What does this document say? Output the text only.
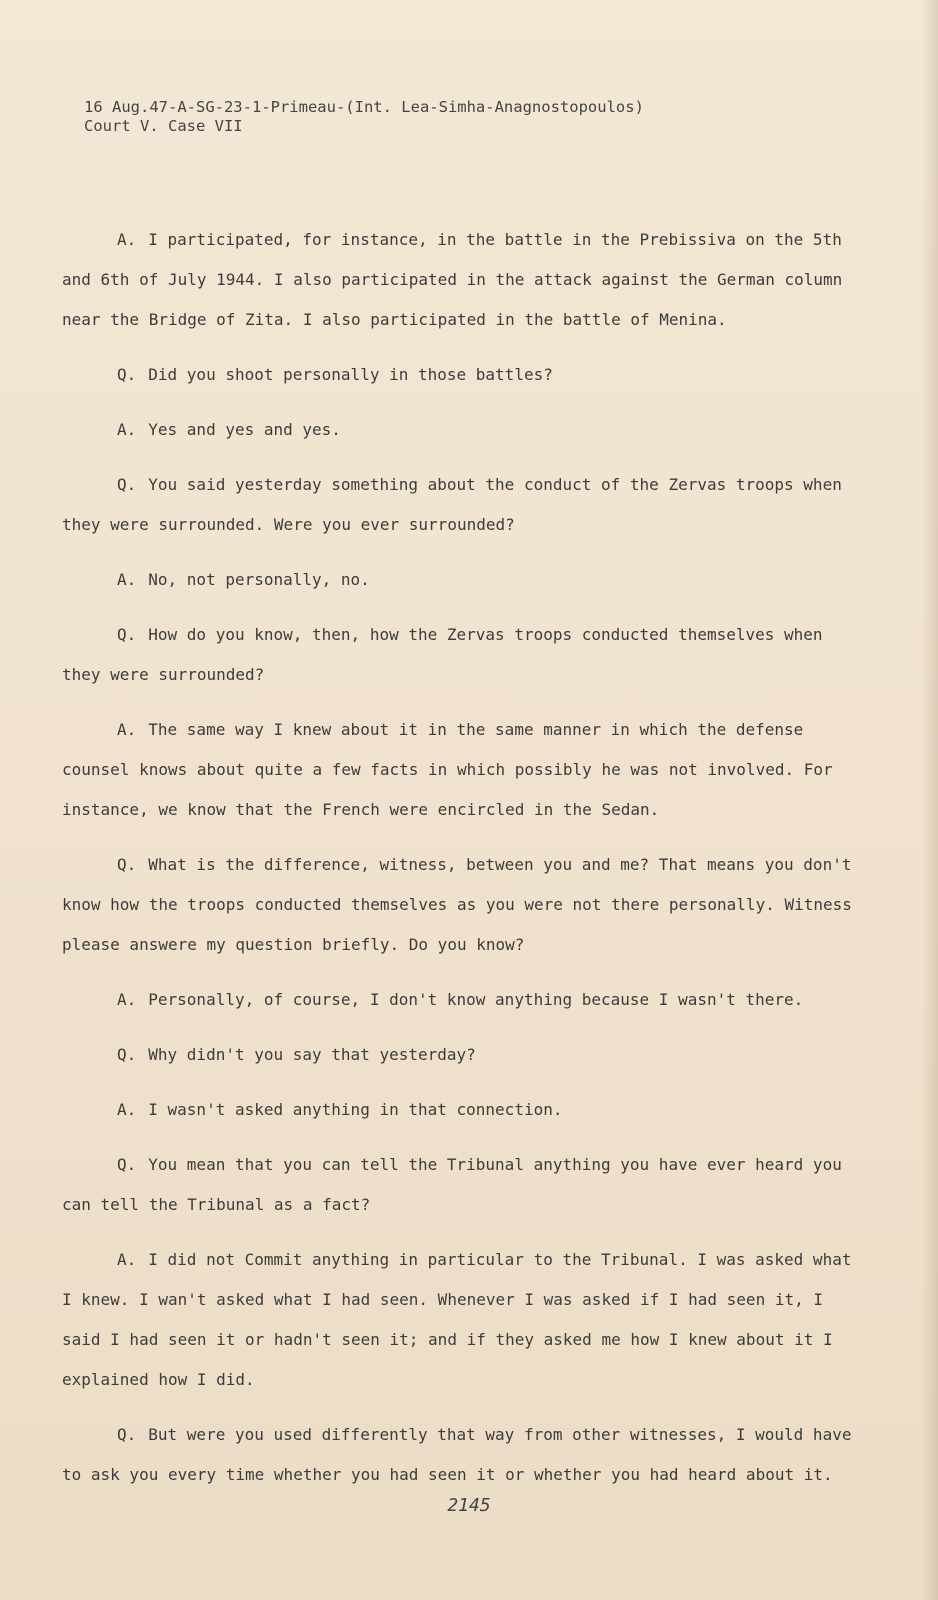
16 Aug.47-A-SG-23-1-Primeau-(Int. Lea-Simha-Anagnostopoulos)
Court V. Case VII

A. I participated, for instance, in the battle in the Prebissiva on the 5th and 6th of July 1944. I also participated in the attack against the German column near the Bridge of Zita. I also participated in the battle of Menina.

Q. Did you shoot personally in those battles?

A. Yes and yes and yes.

Q. You said yesterday something about the conduct of the Zervas troops when they were surrounded. Were you ever surrounded?

A. No, not personally, no.

Q. How do you know, then, how the Zervas troops conducted themselves when they were surrounded?

A. The same way I knew about it in the same manner in which the defense counsel knows about quite a few facts in which possibly he was not involved. For instance, we know that the French were encircled in the Sedan.

Q. What is the difference, witness, between you and me? That means you don't know how the troops conducted themselves as you were not there personally. Witness please answere my question briefly. Do you know?

A. Personally, of course, I don't know anything because I wasn't there.

Q. Why didn't you say that yesterday?

A. I wasn't asked anything in that connection.

Q. You mean that you can tell the Tribunal anything you have ever heard you can tell the Tribunal as a fact?

A. I did not Commit anything in particular to the Tribunal. I was asked what I knew. I wan't asked what I had seen. Whenever I was asked if I had seen it, I said I had seen it or hadn't seen it; and if they asked me how I knew about it I explained how I did.

Q. But were you used differently that way from other witnesses, I would have to ask you every time whether you had seen it or whether you had heard about it.

2145
